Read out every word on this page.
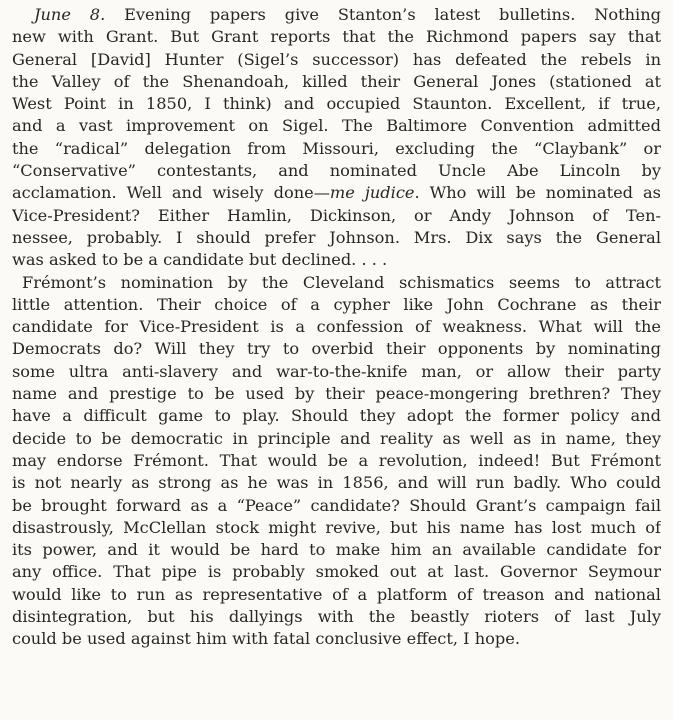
June 8. Evening papers give Stanton’s latest bulletins. Nothing
new with Grant. But Grant reports that the Richmond papers say that
General [David] Hunter (Sigel’s successor) has defeated the rebels in
the Valley of the Shenandoah, killed their General Jones (stationed at
West Point in 1850, I think) and occupied Staunton. Excellent, if true,
and a vast improvement on Sigel. The Baltimore Convention admitted
the “radical” delegation from Missouri, excluding the “Claybank” or
“Conservative” contestants, and nominated Uncle Abe Lincoln by
acclamation. Well and wisely done—me judice. Who will be nominated as
Vice-President? Either Hamlin, Dickinson, or Andy Johnson of Ten-
nessee, probably. I should prefer Johnson. Mrs. Dix says the General
was asked to be a candidate but declined. . . .
Frémont’s nomination by the Cleveland schismatics seems to attract
little attention. Their choice of a cypher like John Cochrane as their
candidate for Vice-President is a confession of weakness. What will the
Democrats do? Will they try to overbid their opponents by nominating
some ultra anti-slavery and war-to-the-knife man, or allow their party
name and prestige to be used by their peace-mongering brethren? They
have a difficult game to play. Should they adopt the former policy and
decide to be democratic in principle and reality as well as in name, they
may endorse Frémont. That would be a revolution, indeed! But Frémont
is not nearly as strong as he was in 1856, and will run badly. Who could
be brought forward as a “Peace” candidate? Should Grant’s campaign fail
disastrously, McClellan stock might revive, but his name has lost much of
its power, and it would be hard to make him an available candidate for
any office. That pipe is probably smoked out at last. Governor Seymour
would like to run as representative of a platform of treason and national
disintegration, but his dallyings with the beastly rioters of last July
could be used against him with fatal conclusive effect, I hope.
